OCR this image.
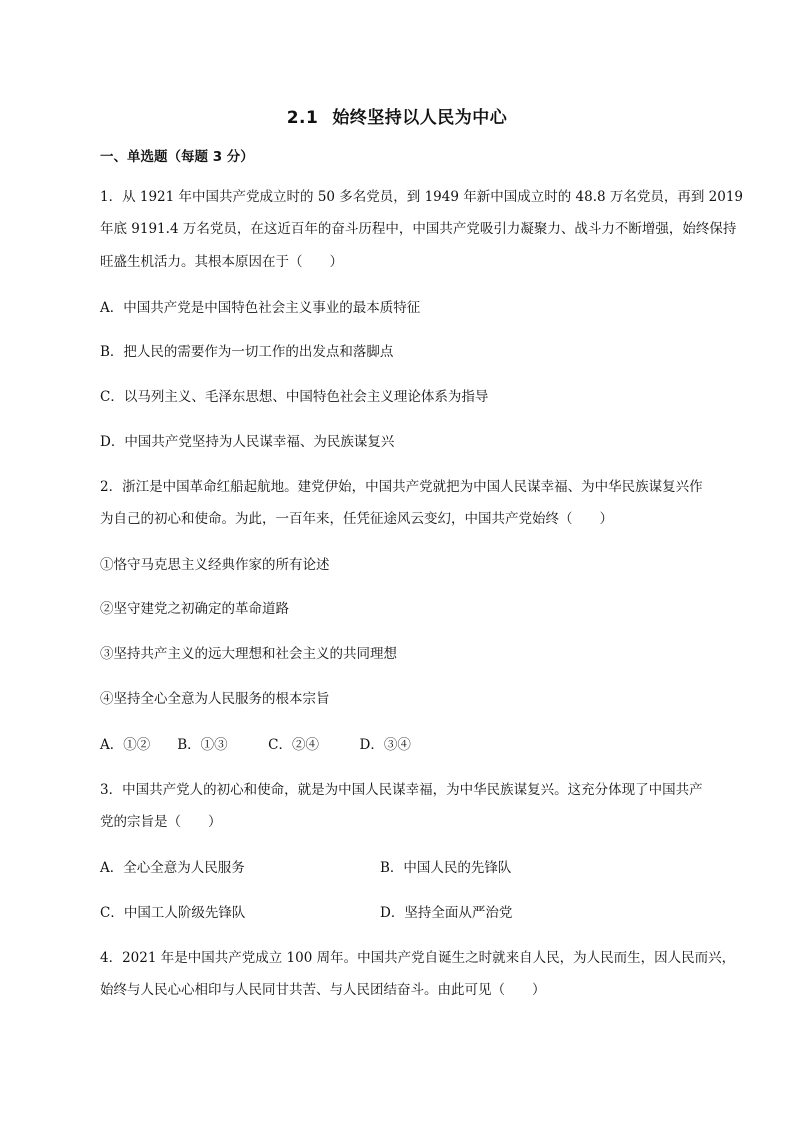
2.1 始终坚持以人民为中心
一、单选题（每题 3 分）
1．从 1921 年中国共产党成立时的 50 多名党员，到 1949 年新中国成立时的 48.8 万名党员，再到 2019
年底 9191.4 万名党员，在这近百年的奋斗历程中，中国共产党吸引力凝聚力、战斗力不断增强，始终保持
旺盛生机活力。其根本原因在于（　　）
A．中国共产党是中国特色社会主义事业的最本质特征
B．把人民的需要作为一切工作的出发点和落脚点
C．以马列主义、毛泽东思想、中国特色社会主义理论体系为指导
D．中国共产党坚持为人民谋幸福、为民族谋复兴
2．浙江是中国革命红船起航地。建党伊始，中国共产党就把为中国人民谋幸福、为中华民族谋复兴作
为自己的初心和使命。为此，一百年来，任凭征途风云变幻，中国共产党始终（　　）
①恪守马克思主义经典作家的所有论述
②坚守建党之初确定的革命道路
③坚持共产主义的远大理想和社会主义的共同理想
④坚持全心全意为人民服务的根本宗旨
A．①②　　B．①③　　　C．②④　　　D．③④
3．中国共产党人的初心和使命，就是为中国人民谋幸福，为中华民族谋复兴。这充分体现了中国共产
党的宗旨是（　　）
A．全心全意为人民服务	B．中国人民的先锋队
C．中国工人阶级先锋队	D．坚持全面从严治党
4．2021 年是中国共产党成立 100 周年。中国共产党自诞生之时就来自人民，为人民而生，因人民而兴，
始终与人民心心相印与人民同甘共苦、与人民团结奋斗。由此可见（　　）
